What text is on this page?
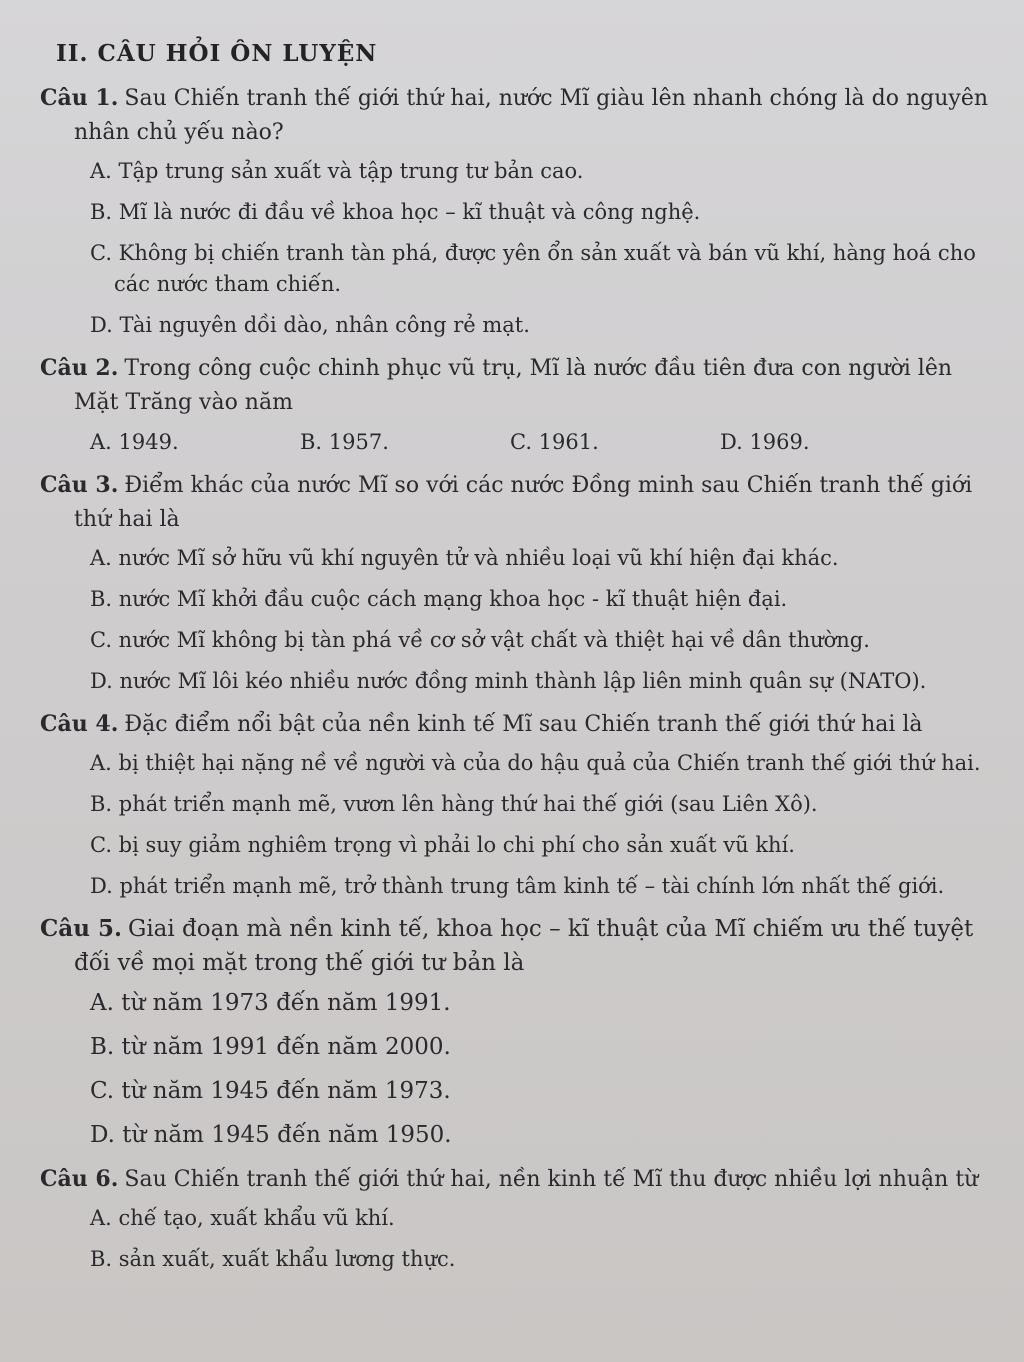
II. CÂU HỎI ÔN LUYỆN
Câu 1. Sau Chiến tranh thế giới thứ hai, nước Mĩ giàu lên nhanh chóng là do nguyên nhân chủ yếu nào?
A. Tập trung sản xuất và tập trung tư bản cao.
B. Mĩ là nước đi đầu về khoa học – kĩ thuật và công nghệ.
C. Không bị chiến tranh tàn phá, được yên ổn sản xuất và bán vũ khí, hàng hoá cho các nước tham chiến.
D. Tài nguyên dồi dào, nhân công rẻ mạt.
Câu 2. Trong công cuộc chinh phục vũ trụ, Mĩ là nước đầu tiên đưa con người lên Mặt Trăng vào năm
A. 1949.	B. 1957.	C. 1961.	D. 1969.
Câu 3. Điểm khác của nước Mĩ so với các nước Đồng minh sau Chiến tranh thế giới thứ hai là
A. nước Mĩ sở hữu vũ khí nguyên tử và nhiều loại vũ khí hiện đại khác.
B. nước Mĩ khởi đầu cuộc cách mạng khoa học - kĩ thuật hiện đại.
C. nước Mĩ không bị tàn phá về cơ sở vật chất và thiệt hại về dân thường.
D. nước Mĩ lôi kéo nhiều nước đồng minh thành lập liên minh quân sự (NATO).
Câu 4. Đặc điểm nổi bật của nền kinh tế Mĩ sau Chiến tranh thế giới thứ hai là
A. bị thiệt hại nặng nề về người và của do hậu quả của Chiến tranh thế giới thứ hai.
B. phát triển mạnh mẽ, vươn lên hàng thứ hai thế giới (sau Liên Xô).
C. bị suy giảm nghiêm trọng vì phải lo chi phí cho sản xuất vũ khí.
D. phát triển mạnh mẽ, trở thành trung tâm kinh tế – tài chính lớn nhất thế giới.
Câu 5. Giai đoạn mà nền kinh tế, khoa học – kĩ thuật của Mĩ chiếm ưu thế tuyệt đối về mọi mặt trong thế giới tư bản là
A. từ năm 1973 đến năm 1991.
B. từ năm 1991 đến năm 2000.
C. từ năm 1945 đến năm 1973.
D. từ năm 1945 đến năm 1950.
Câu 6. Sau Chiến tranh thế giới thứ hai, nền kinh tế Mĩ thu được nhiều lợi nhuận từ
A. chế tạo, xuất khẩu vũ khí.
B. sản xuất, xuất khẩu lương thực.
